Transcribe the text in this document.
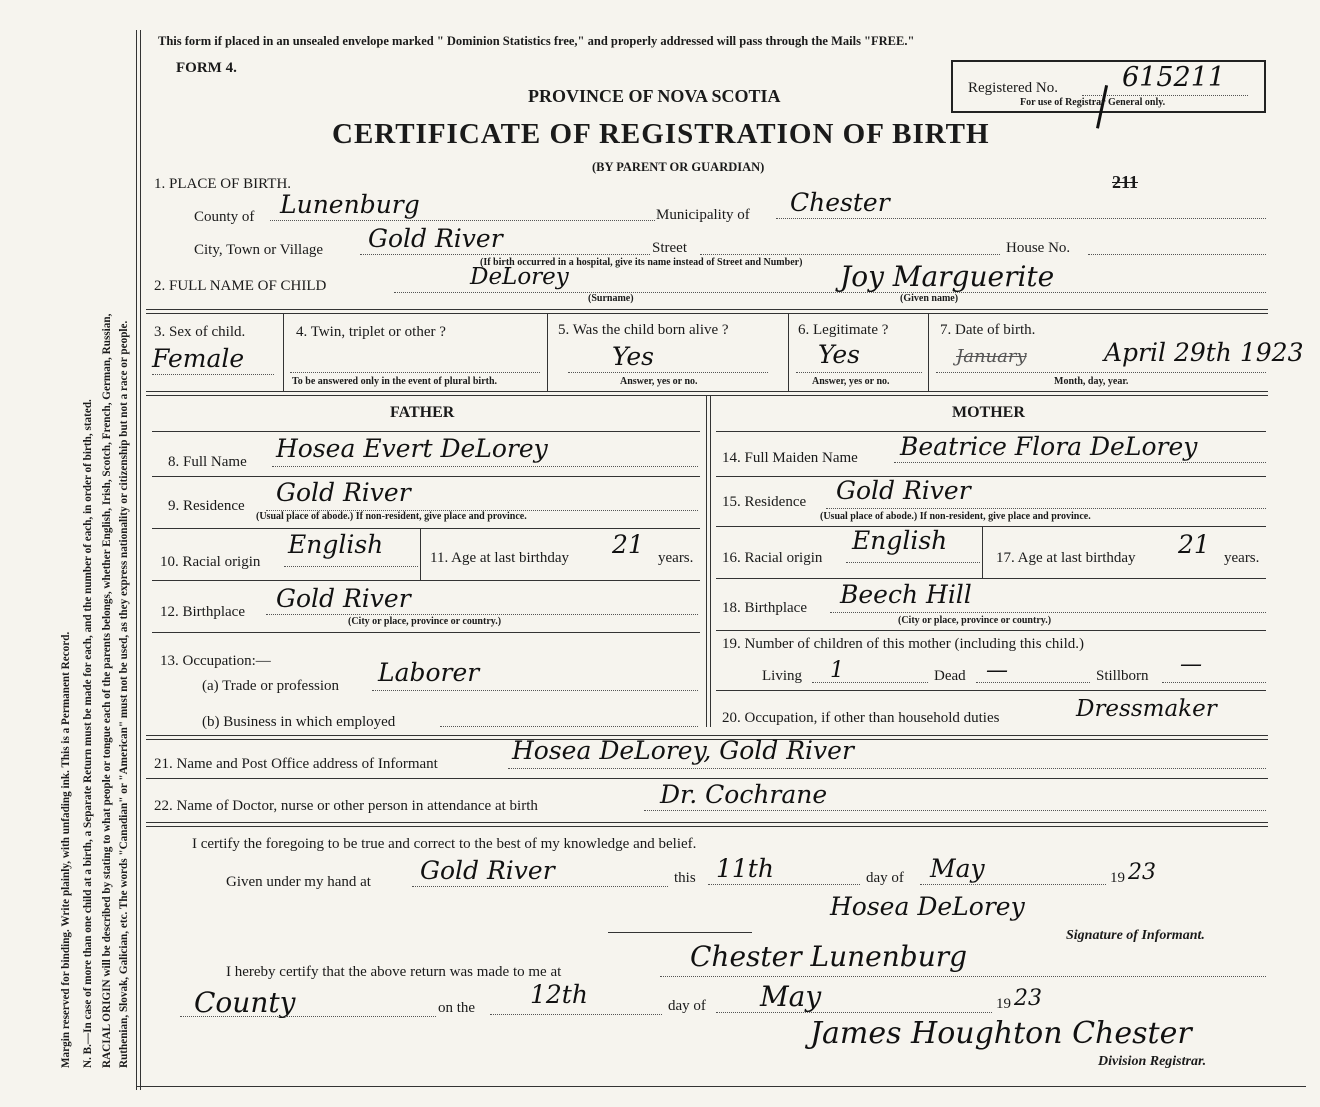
Margin reserved for binding. Write plainly, with unfading ink. This is a Permanent Record. N. B.—In case of more than one child at a birth, a Separate Return must be made for each, and the number of each, in order of birth, stated. RACIAL ORIGIN will be described by stating to what people or tongue each of the parents belongs, whether English, Irish, Scotch, French, German, Russian, Ruthenian, Slovak, Galician, etc. The words "Canadian" or "American" must not be used, as they express nationality or citizenship but not a race or people.
This form if placed in an unsealed envelope marked " Dominion Statistics free," and properly addressed will pass through the Mails "FREE."
FORM 4.
PROVINCE OF NOVA SCOTIA
CERTIFICATE OF REGISTRATION OF BIRTH
(BY PARENT OR GUARDIAN)
Registered No. 615211
For use of Registrar General only.
211
1. PLACE OF BIRTH.
County of Lunenburg	Municipality of Chester
City, Town or Village Gold River	Street	House No.
(If birth occurred in a hospital, give its name instead of Street and Number)
2. FULL NAME OF CHILD	DeLorey
(Surname)
Joy Marguerite
(Given name)
3. Sex of child.
Female
4. Twin, triplet or other ?
To be answered only in the event of plural birth.
5. Was the child born alive ?
Yes
Answer, yes or no.
6. Legitimate ?
Yes
Answer, yes or no.
7. Date of birth.
January	April 29th 1923
Month, day, year.
FATHER	MOTHER
8. Full Name Hosea Evert DeLorey
9. Residence Gold River
(Usual place of abode.) If non-resident, give place and province.
10. Racial origin
English	11. Age at last birthday 21 years.
12. Birthplace Gold River
(City or place, province or country.)
13. Occupation:—
(a) Trade or profession Laborer
(b) Business in which employed
14. Full Maiden Name Beatrice Flora DeLorey
15. Residence Gold River
(Usual place of abode.) If non-resident, give place and province.
16. Racial origin
English
17. Age at last birthday 21 years.
18. Birthplace Beech Hill
(City or place, province or country.)
19. Number of children of this mother (including this child.)
Living 1	Dead —	Stillborn —
20. Occupation, if other than household duties	Dressmaker
21. Name and Post Office address of Informant	Hosea DeLorey, Gold River
22. Name of Doctor, nurse or other person in attendance at birth	Dr. Cochrane
I certify the foregoing to be true and correct to the best of my knowledge and belief.
Given under my hand at Gold River	this 11th	day of May	19 23
Hosea DeLorey
Signature of Informant.
I hereby certify that the above return was made to me at	Chester Lunenburg
County	on the 12th	day of May	19 23
James Houghton Chester
Division Registrar.
